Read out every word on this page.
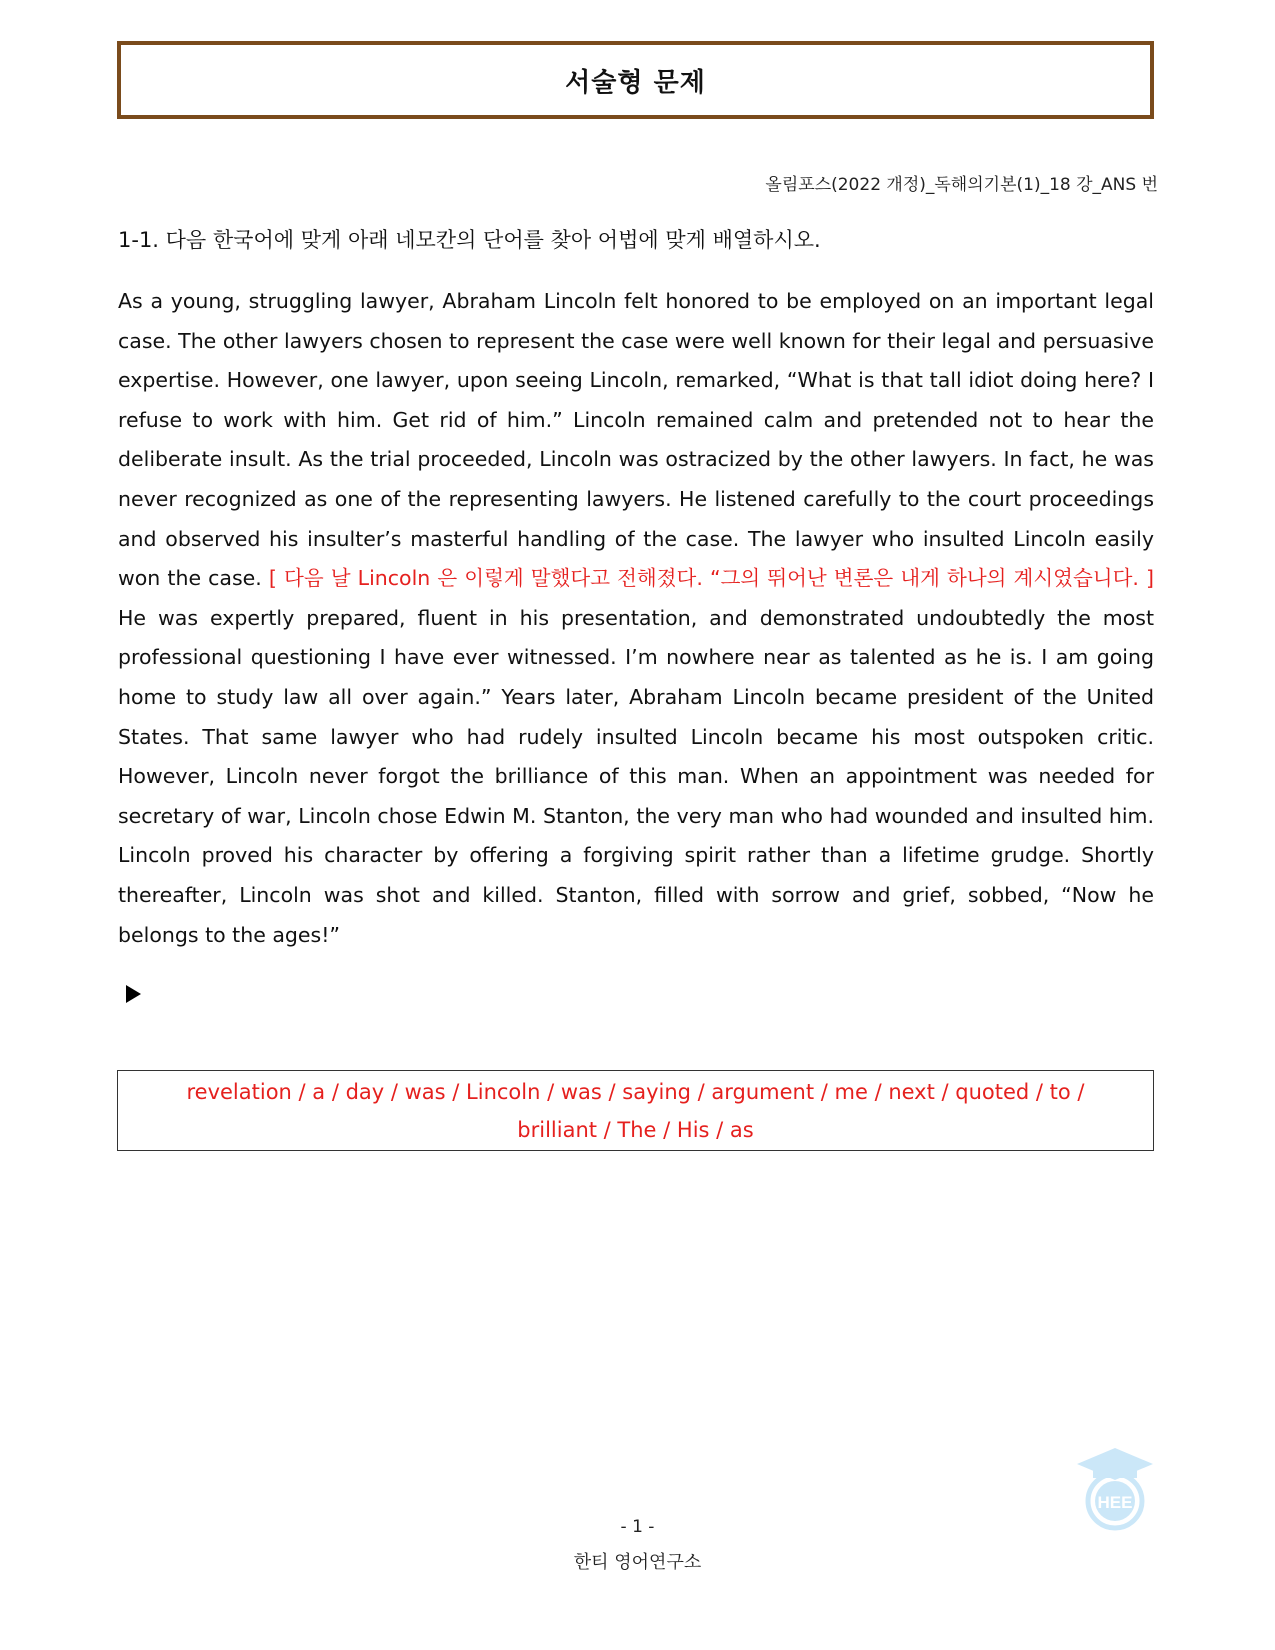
서술형 문제
올림포스(2022 개정)_독해의기본(1)_18 강_ANS 번
1-1. 다음 한국어에 맞게 아래 네모칸의 단어를 찾아 어법에 맞게 배열하시오.

As a young, struggling lawyer, Abraham Lincoln felt honored to be employed on an important legal case. The other lawyers chosen to represent the case were well known for their legal and persuasive expertise. However, one lawyer, upon seeing Lincoln, remarked, “What is that tall idiot doing here? I refuse to work with him. Get rid of him.” Lincoln remained calm and pretended not to hear the deliberate insult. As the trial proceeded, Lincoln was ostracized by the other lawyers. In fact, he was never recognized as one of the representing lawyers. He listened carefully to the court proceedings and observed his insulter’s masterful handling of the case. The lawyer who insulted Lincoln easily won the case. [ 다음 날 Lincoln 은 이렇게 말했다고 전해졌다. “그의 뛰어난 변론은 내게 하나의 계시였습니다. ] He was expertly prepared, fluent in his presentation, and demonstrated undoubtedly the most professional questioning I have ever witnessed. I’m nowhere near as talented as he is. I am going home to study law all over again.” Years later, Abraham Lincoln became president of the United States. That same lawyer who had rudely insulted Lincoln became his most outspoken critic. However, Lincoln never forgot the brilliance of this man. When an appointment was needed for secretary of war, Lincoln chose Edwin M. Stanton, the very man who had wounded and insulted him. Lincoln proved his character by offering a forgiving spirit rather than a lifetime grudge. Shortly thereafter, Lincoln was shot and killed. Stanton, filled with sorrow and grief, sobbed, “Now he belongs to the ages!”

revelation / a / day / was / Lincoln / was / saying / argument / me / next / quoted / to / brilliant / The / His / as

HEE
- 1 -
한티 영어연구소
